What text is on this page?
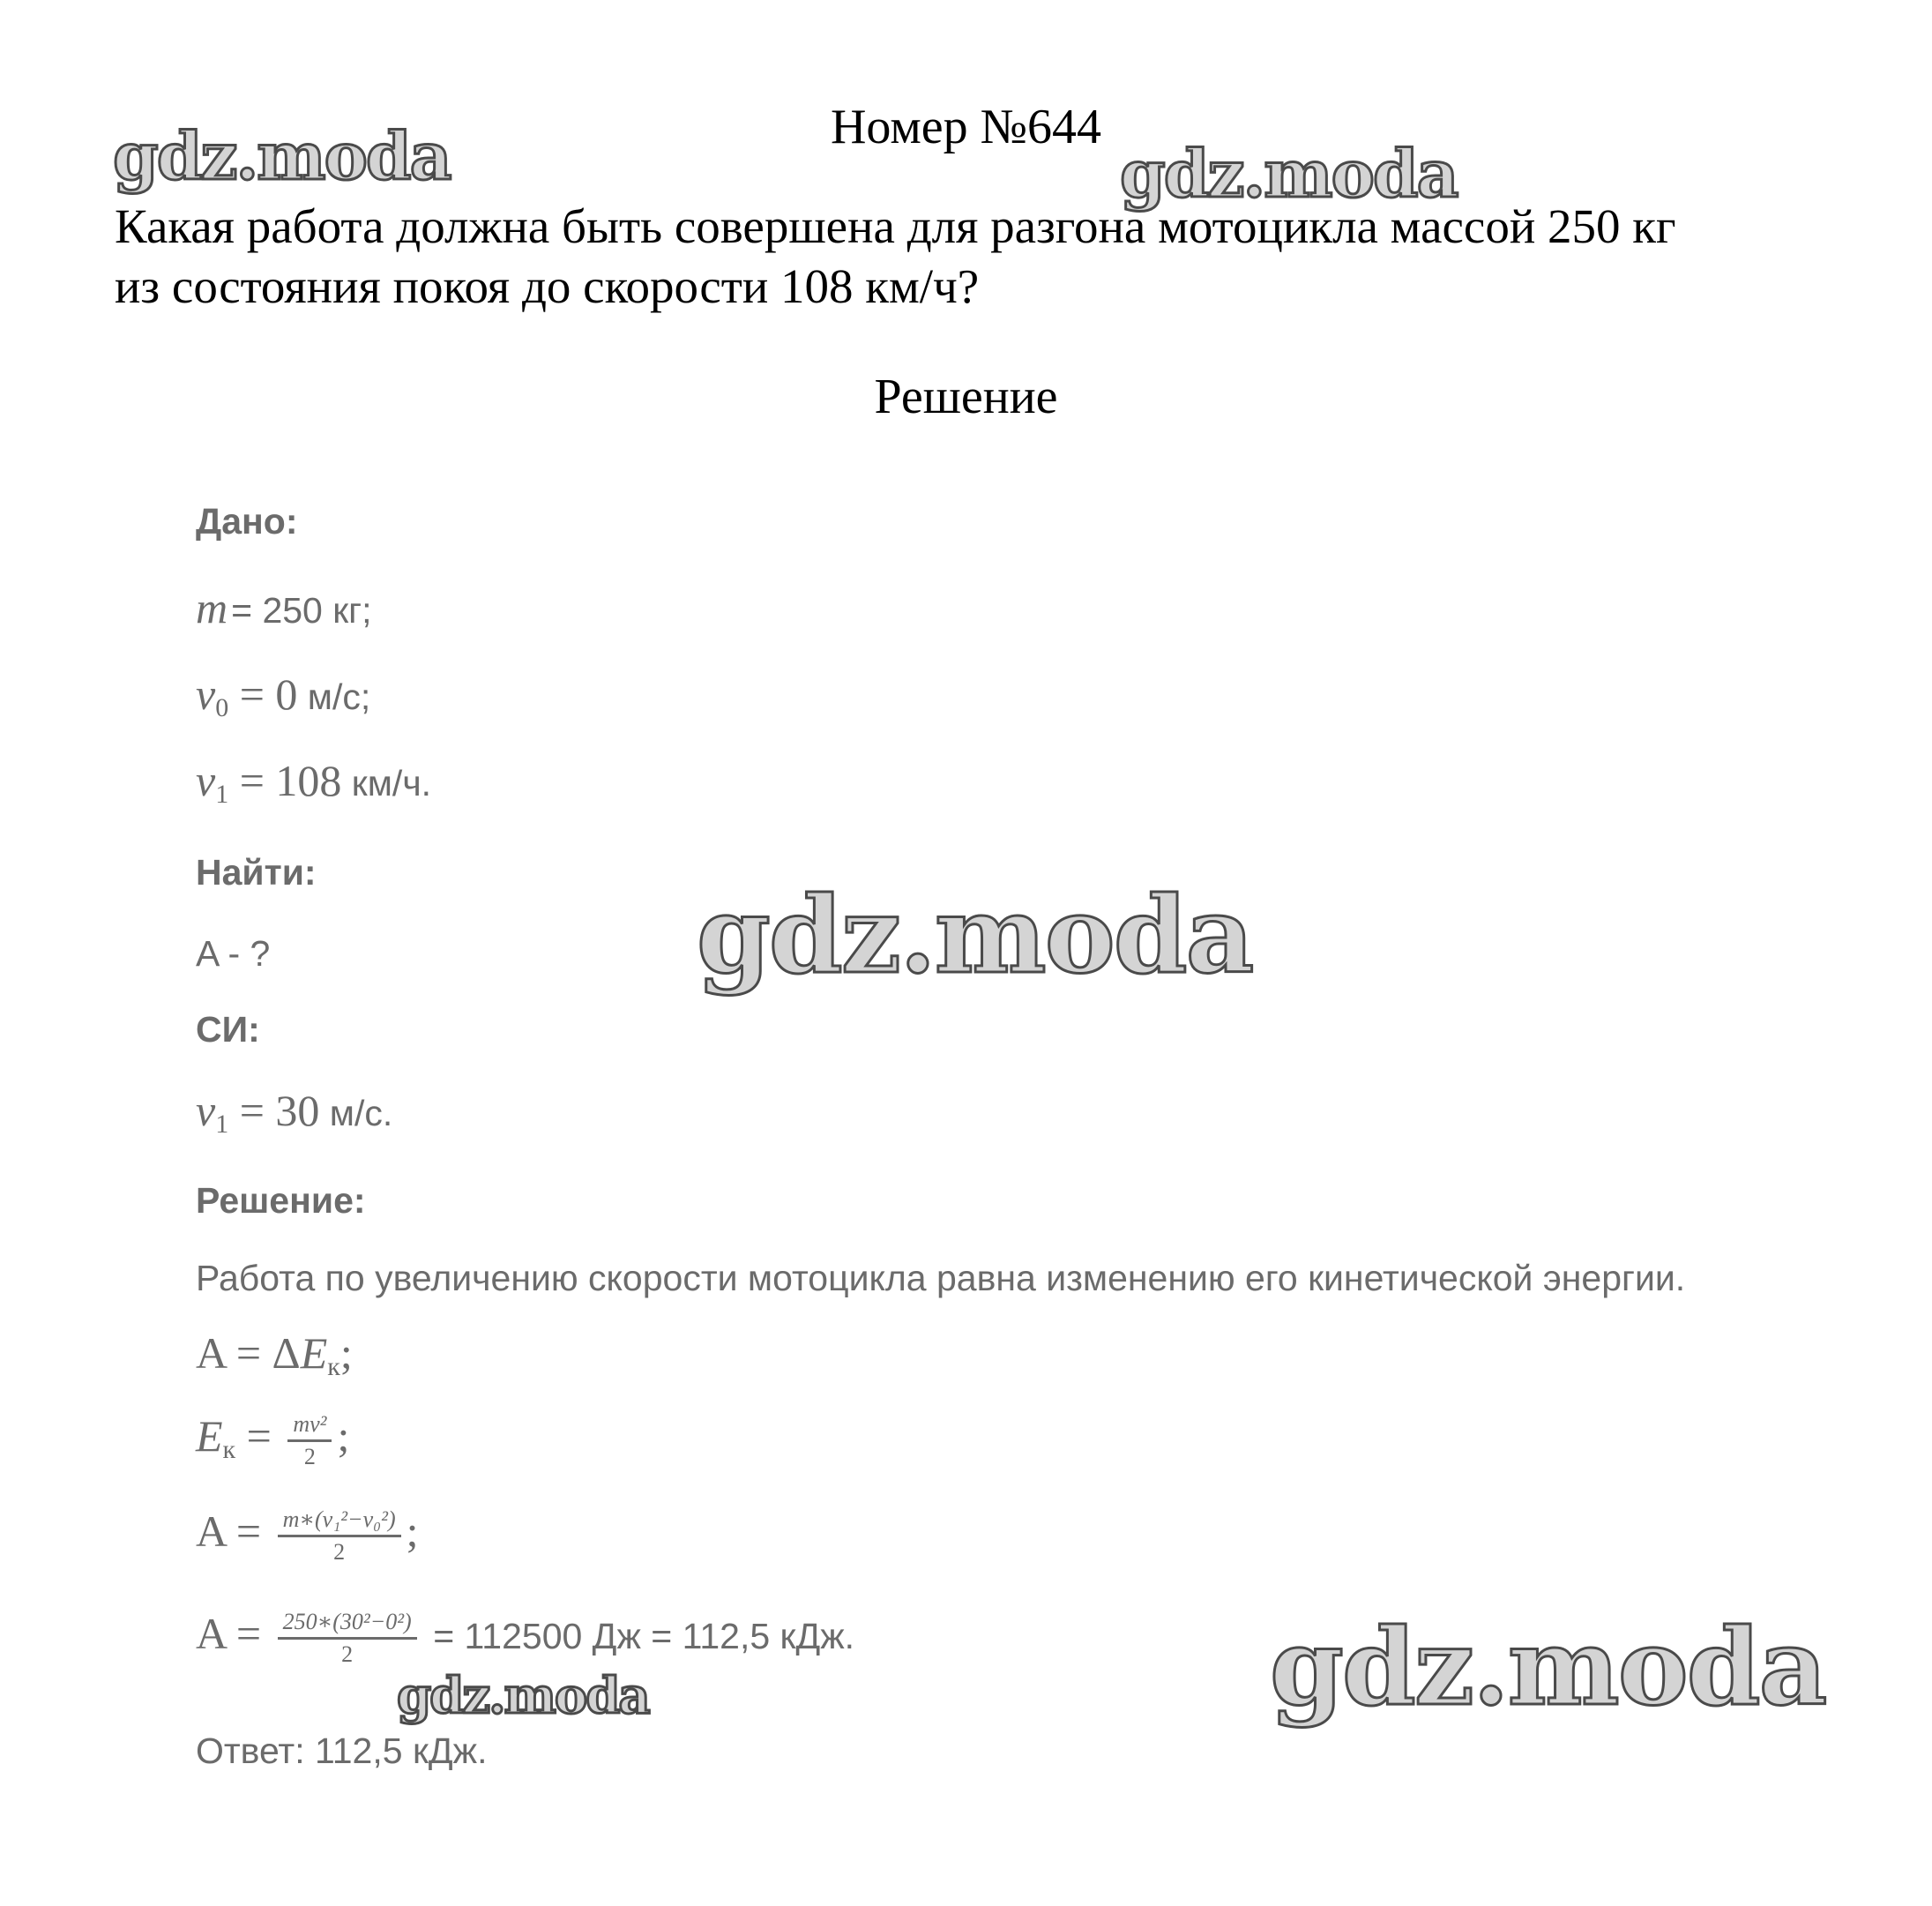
Номер №644
Какая работа должна быть совершена для разгона мотоцикла массой 250 кг
из состояния покоя до скорости 108 км/ч?
Решение
Дано:
m = 250 кг;
$v_0 = 0$ м/с;
$v_1 = 108$ км/ч.
Найти:
A - ?
СИ:
$v_1 = 30$ м/с.
Решение:
Работа по увеличению скорости мотоцикла равна изменению его кинетической энергии.
$A = \Delta E_к$;
$E_к = \frac{\text{mv²}}{2}$ ;
$A = \frac{\text{m∗(v₁²−v₀²)}}{2}$ ;
$A = \frac{\text{250∗(30²−0²)}}{2} = 112500$ Дж = 112,5 кДж.
Ответ: 112,5 кДж.
gdz.moda	gdz.moda
gdz.moda
gdz.moda
gdz.moda
